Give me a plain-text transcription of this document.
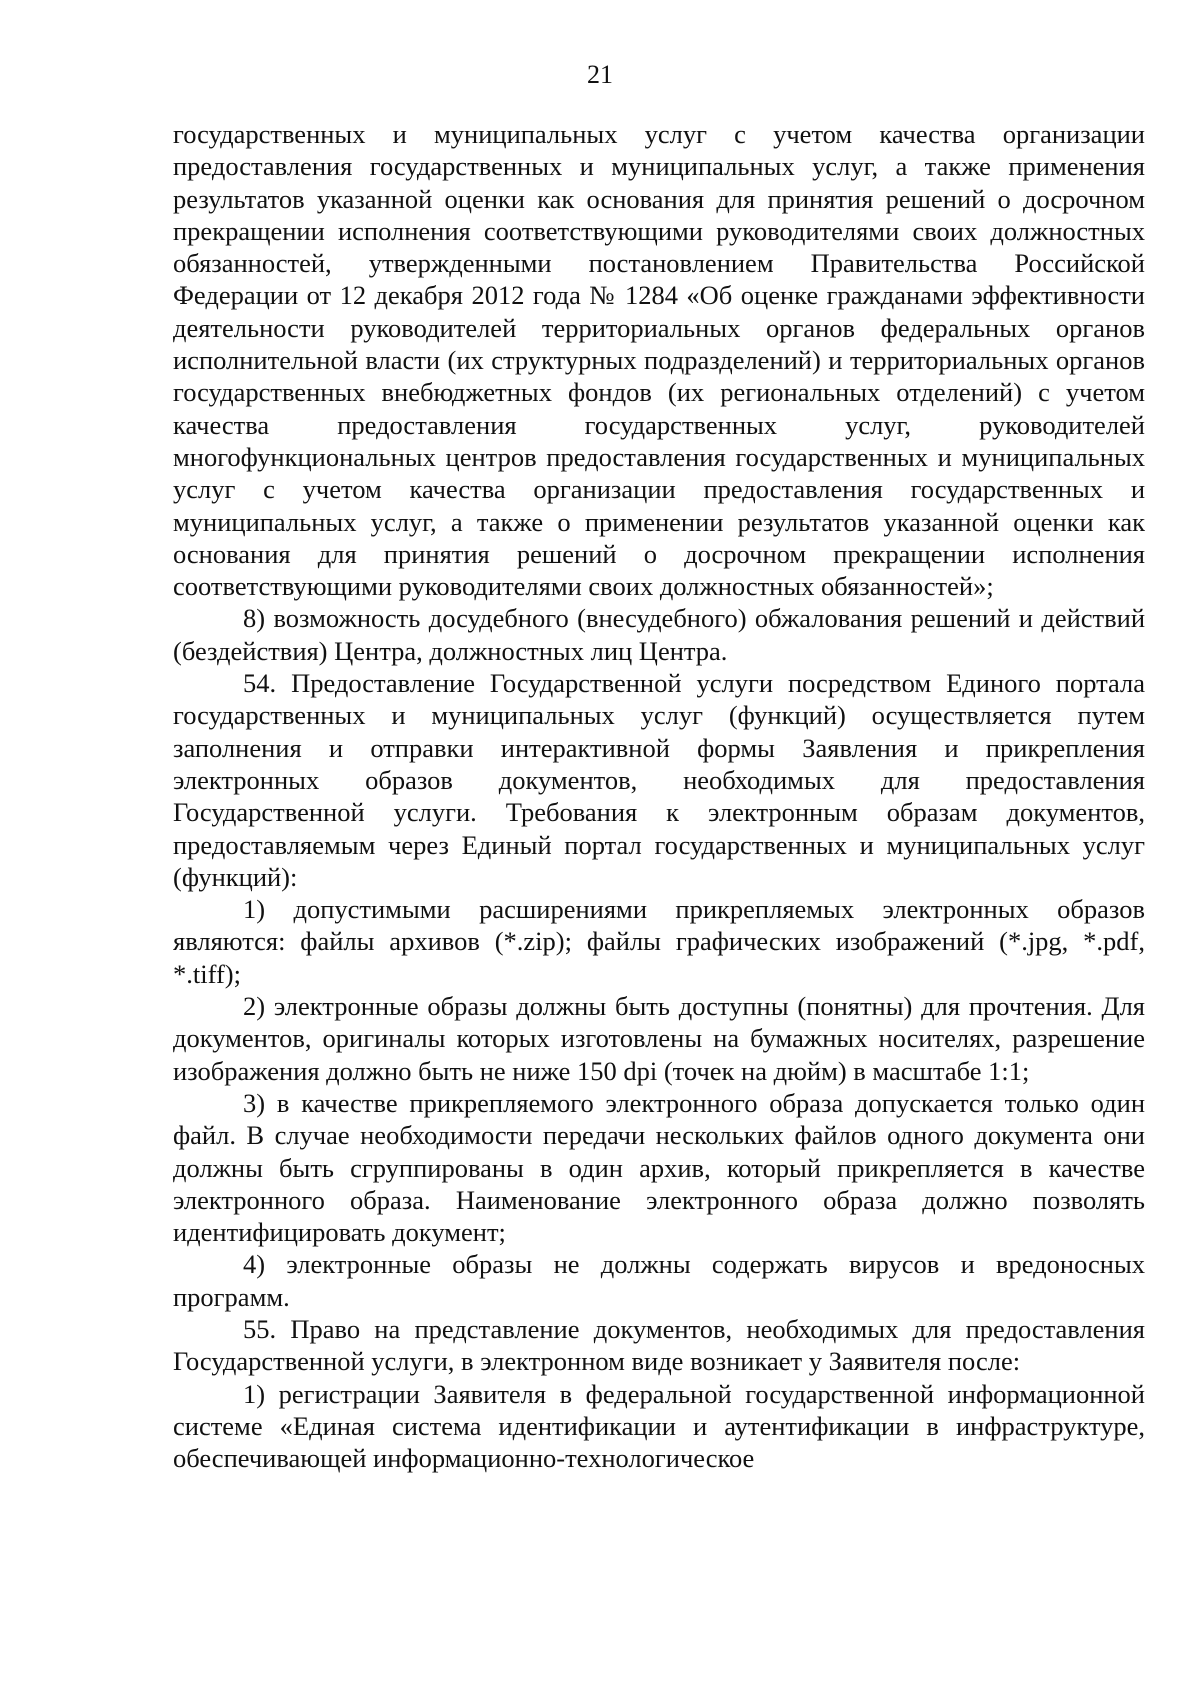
21

государственных и муниципальных услуг с учетом качества организации предоставления государственных и муниципальных услуг, а также применения результатов указанной оценки как основания для принятия решений о досрочном прекращении исполнения соответствующими руководителями своих должностных обязанностей, утвержденными постановлением Правительства Российской Федерации от 12 декабря 2012 года № 1284 «Об оценке гражданами эффективности деятельности руководителей территориальных органов федеральных органов исполнительной власти (их структурных подразделений) и территориальных органов государственных внебюджетных фондов (их региональных отделений) с учетом качества предоставления государственных услуг, руководителей многофункциональных центров предоставления государственных и муниципальных услуг с учетом качества организации предоставления государственных и муниципальных услуг, а также о применении результатов указанной оценки как основания для принятия решений о досрочном прекращении исполнения соответствующими руководителями своих должностных обязанностей»;

8) возможность досудебного (внесудебного) обжалования решений и действий (бездействия) Центра, должностных лиц Центра.

54. Предоставление Государственной услуги посредством Единого портала государственных и муниципальных услуг (функций) осуществляется путем заполнения и отправки интерактивной формы Заявления и прикрепления электронных образов документов, необходимых для предоставления Государственной услуги. Требования к электронным образам документов, предоставляемым через Единый портал государственных и муниципальных услуг (функций):

1) допустимыми расширениями прикрепляемых электронных образов являются: файлы архивов (*.zip); файлы графических изображений (*.jpg, *.pdf, *.tiff);

2) электронные образы должны быть доступны (понятны) для прочтения. Для документов, оригиналы которых изготовлены на бумажных носителях, разрешение изображения должно быть не ниже 150 dpi (точек на дюйм) в масштабе 1:1;

3) в качестве прикрепляемого электронного образа допускается только один файл. В случае необходимости передачи нескольких файлов одного документа они должны быть сгруппированы в один архив, который прикрепляется в качестве электронного образа. Наименование электронного образа должно позволять идентифицировать документ;

4) электронные образы не должны содержать вирусов и вредоносных программ.

55. Право на представление документов, необходимых для предоставления Государственной услуги, в электронном виде возникает у Заявителя после:

1) регистрации Заявителя в федеральной государственной информационной системе «Единая система идентификации и аутентификации в инфраструктуре, обеспечивающей информационно-технологическое
